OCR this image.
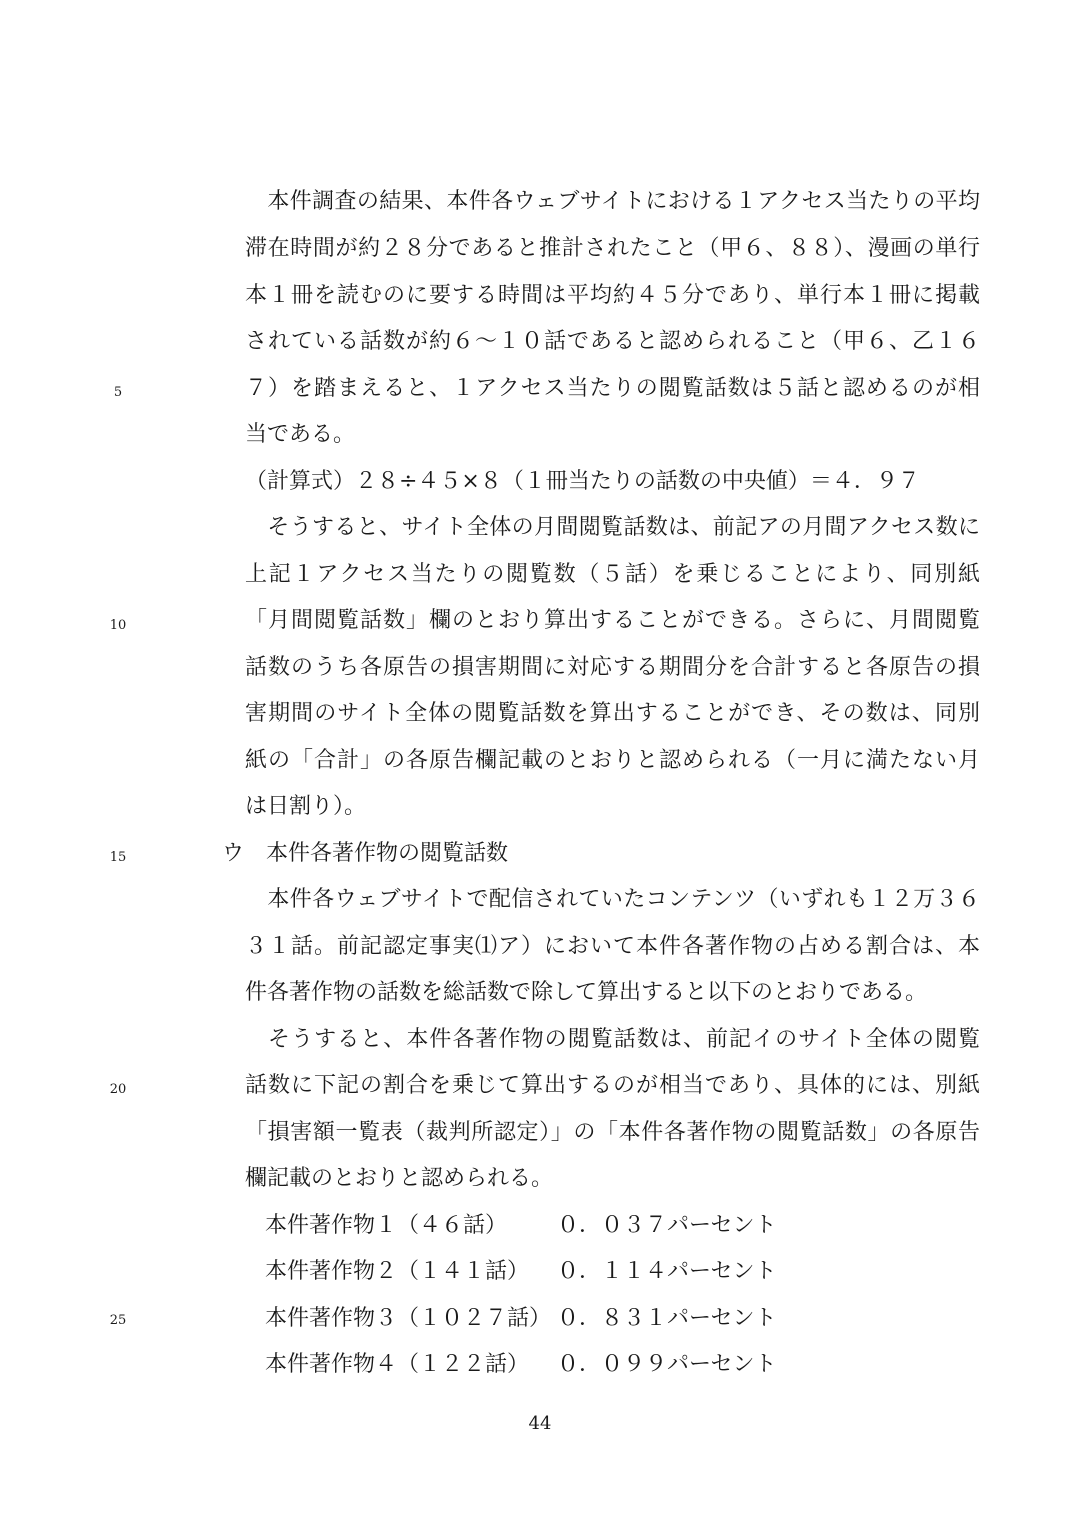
　本件調査の結果、本件各ウェブサイトにおける１アクセス当たりの平均
滞在時間が約２８分であると推計されたこと（甲６、８８）、漫画の単行
本１冊を読むのに要する時間は平均約４５分であり、単行本１冊に掲載
されている話数が約６～１０話であると認められること（甲６、乙１６
７）を踏まえると、１アクセス当たりの閲覧話数は５話と認めるのが相
当である。
（計算式）２８÷４５×８（１冊当たりの話数の中央値）＝４．９７
　そうすると、サイト全体の月間閲覧話数は、前記アの月間アクセス数に
上記１アクセス当たりの閲覧数（５話）を乗じることにより、同別紙
「月間閲覧話数」欄のとおり算出することができる。さらに、月間閲覧
話数のうち各原告の損害期間に対応する期間分を合計すると各原告の損
害期間のサイト全体の閲覧話数を算出することができ、その数は、同別
紙の「合計」の各原告欄記載のとおりと認められる（一月に満たない月
は日割り）。
ウ　本件各著作物の閲覧話数
　本件各ウェブサイトで配信されていたコンテンツ（いずれも１２万３６
３１話。前記認定事実⑴ア）において本件各著作物の占める割合は、本
件各著作物の話数を総話数で除して算出すると以下のとおりである。
　そうすると、本件各著作物の閲覧話数は、前記イのサイト全体の閲覧
話数に下記の割合を乗じて算出するのが相当であり、具体的には、別紙
「損害額一覧表（裁判所認定）」の「本件各著作物の閲覧話数」の各原告
欄記載のとおりと認められる。
本件著作物１（４６話） ０．０３７パーセント
本件著作物２（１４１話） ０．１１４パーセント
本件著作物３（１０２７話） ０．８３１パーセント
本件著作物４（１２２話） ０．０９９パーセント
5
10
15
20
25
44
